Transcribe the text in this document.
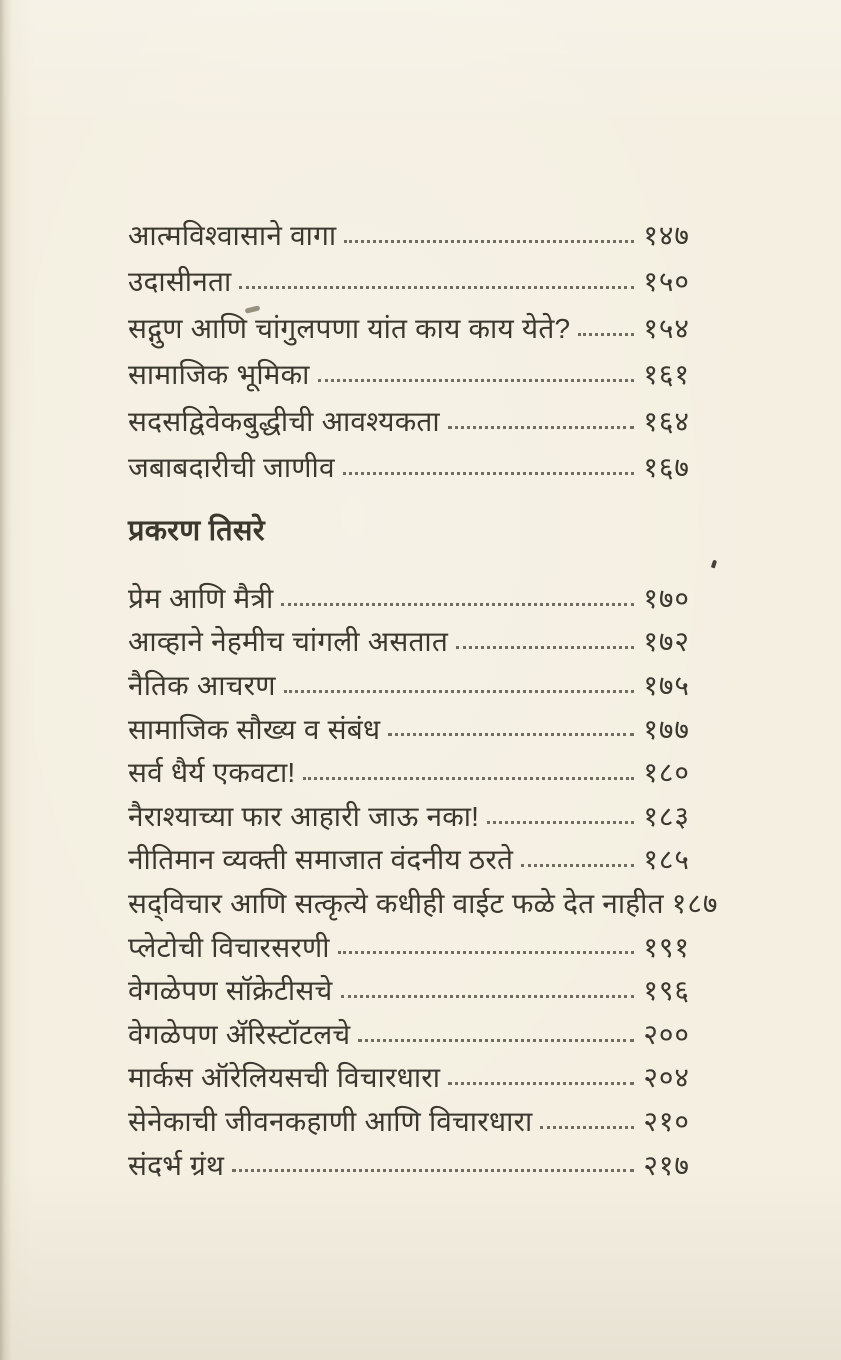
आत्मविश्वासाने वागा	१४७
उदासीनता	१५०
सद्गुण आणि चांगुलपणा यांत काय काय येते?	१५४
सामाजिक भूमिका	१६१
सदसद्विवेकबुद्धीची आवश्यकता	१६४
जबाबदारीची जाणीव	१६७
प्रकरण तिसरे
प्रेम आणि मैत्री	१७०
आव्हाने नेहमीच चांगली असतात	१७२
नैतिक आचरण	१७५
सामाजिक सौख्य व संबंध	१७७
सर्व धैर्य एकवटा!	१८०
नैराश्याच्या फार आहारी जाऊ नका!	१८३
नीतिमान व्यक्ती समाजात वंदनीय ठरते	१८५
सद्‌विचार आणि सत्कृत्ये कधीही वाईट फळे देत नाहीत १८७
प्लेटोची विचारसरणी	१९१
वेगळेपण सॉक्रेटीसचे	१९६
वेगळेपण ॲरिस्टॉटलचे	२००
मार्कस ऑरेलियसची विचारधारा	२०४
सेनेकाची जीवनकहाणी आणि विचारधारा	२१०
संदर्भ ग्रंथ	२१७
